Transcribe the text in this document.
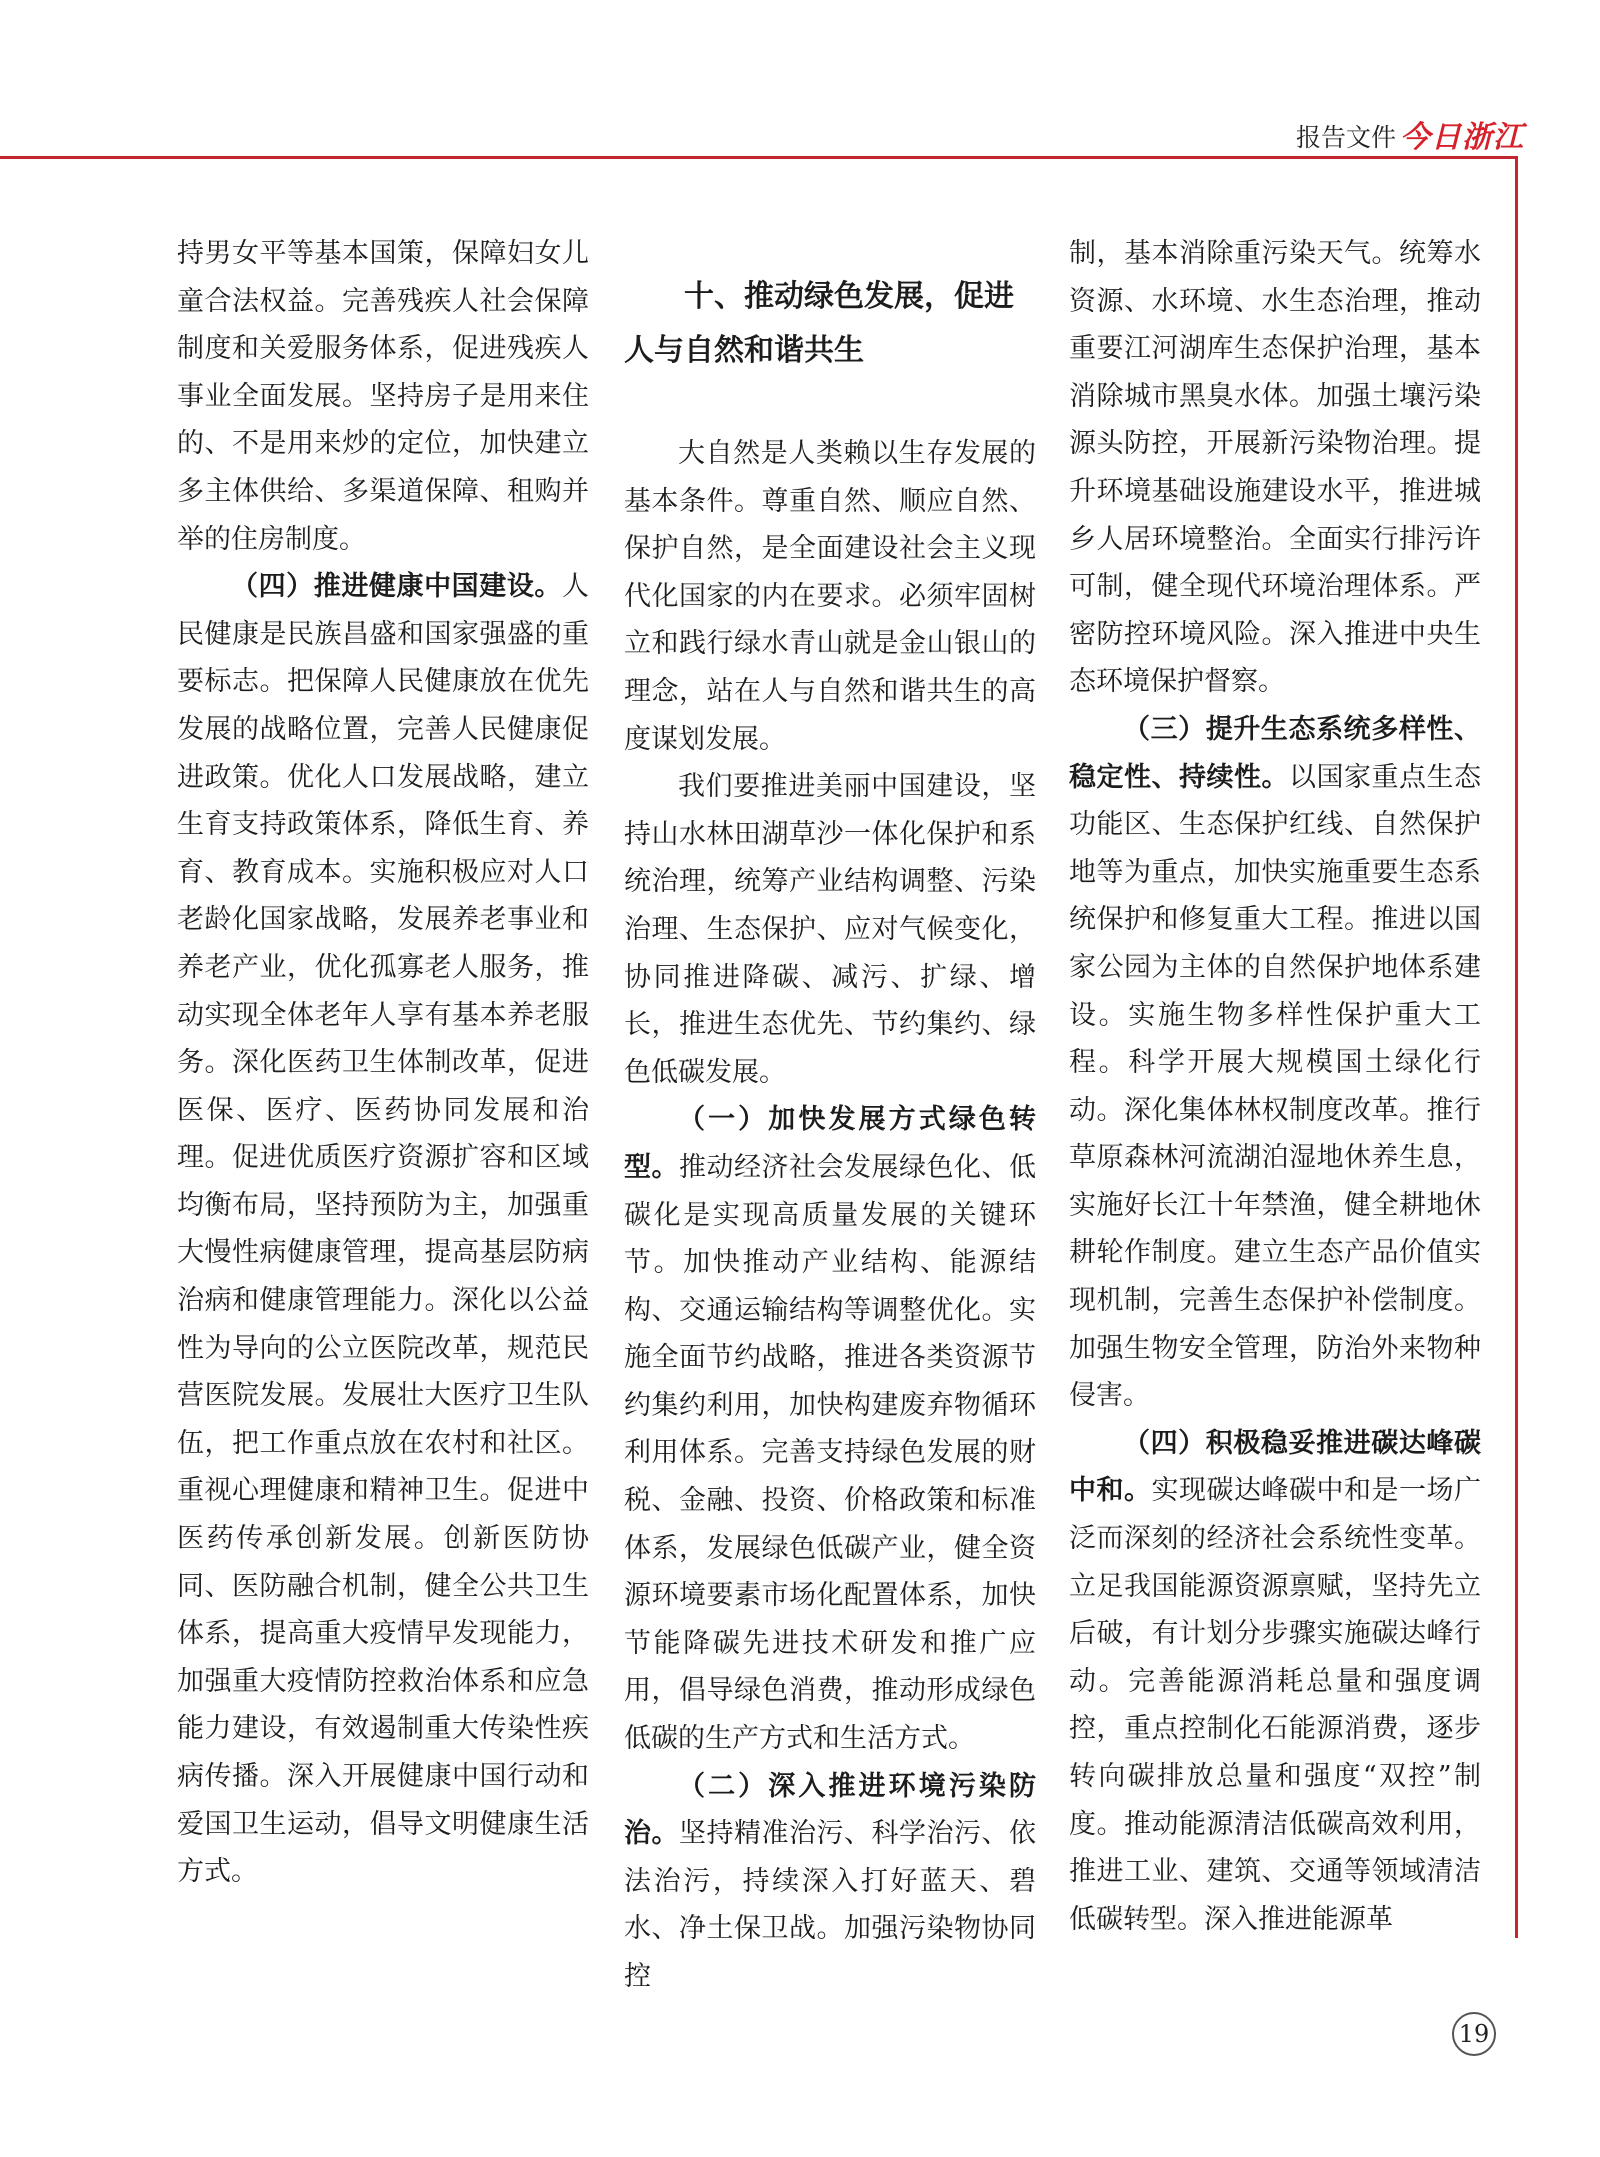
报告文件 今日浙江

持男女平等基本国策，保障妇女儿童合法权益。完善残疾人社会保障制度和关爱服务体系，促进残疾人事业全面发展。坚持房子是用来住的、不是用来炒的定位，加快建立多主体供给、多渠道保障、租购并举的住房制度。

（四）推进健康中国建设。人民健康是民族昌盛和国家强盛的重要标志。把保障人民健康放在优先发展的战略位置，完善人民健康促进政策。优化人口发展战略，建立生育支持政策体系，降低生育、养育、教育成本。实施积极应对人口老龄化国家战略，发展养老事业和养老产业，优化孤寡老人服务，推动实现全体老年人享有基本养老服务。深化医药卫生体制改革，促进医保、医疗、医药协同发展和治理。促进优质医疗资源扩容和区域均衡布局，坚持预防为主，加强重大慢性病健康管理，提高基层防病治病和健康管理能力。深化以公益性为导向的公立医院改革，规范民营医院发展。发展壮大医疗卫生队伍，把工作重点放在农村和社区。重视心理健康和精神卫生。促进中医药传承创新发展。创新医防协同、医防融合机制，健全公共卫生体系，提高重大疫情早发现能力，加强重大疫情防控救治体系和应急能力建设，有效遏制重大传染性疾病传播。深入开展健康中国行动和爱国卫生运动，倡导文明健康生活方式。

十、推动绿色发展，促进人与自然和谐共生

大自然是人类赖以生存发展的基本条件。尊重自然、顺应自然、保护自然，是全面建设社会主义现代化国家的内在要求。必须牢固树立和践行绿水青山就是金山银山的理念，站在人与自然和谐共生的高度谋划发展。

我们要推进美丽中国建设，坚持山水林田湖草沙一体化保护和系统治理，统筹产业结构调整、污染治理、生态保护、应对气候变化，协同推进降碳、减污、扩绿、增长，推进生态优先、节约集约、绿色低碳发展。

（一）加快发展方式绿色转型。推动经济社会发展绿色化、低碳化是实现高质量发展的关键环节。加快推动产业结构、能源结构、交通运输结构等调整优化。实施全面节约战略，推进各类资源节约集约利用，加快构建废弃物循环利用体系。完善支持绿色发展的财税、金融、投资、价格政策和标准体系，发展绿色低碳产业，健全资源环境要素市场化配置体系，加快节能降碳先进技术研发和推广应用，倡导绿色消费，推动形成绿色低碳的生产方式和生活方式。

（二）深入推进环境污染防治。坚持精准治污、科学治污、依法治污，持续深入打好蓝天、碧水、净土保卫战。加强污染物协同控

制，基本消除重污染天气。统筹水资源、水环境、水生态治理，推动重要江河湖库生态保护治理，基本消除城市黑臭水体。加强土壤污染源头防控，开展新污染物治理。提升环境基础设施建设水平，推进城乡人居环境整治。全面实行排污许可制，健全现代环境治理体系。严密防控环境风险。深入推进中央生态环境保护督察。

（三）提升生态系统多样性、稳定性、持续性。以国家重点生态功能区、生态保护红线、自然保护地等为重点，加快实施重要生态系统保护和修复重大工程。推进以国家公园为主体的自然保护地体系建设。实施生物多样性保护重大工程。科学开展大规模国土绿化行动。深化集体林权制度改革。推行草原森林河流湖泊湿地休养生息，实施好长江十年禁渔，健全耕地休耕轮作制度。建立生态产品价值实现机制，完善生态保护补偿制度。加强生物安全管理，防治外来物种侵害。

（四）积极稳妥推进碳达峰碳中和。实现碳达峰碳中和是一场广泛而深刻的经济社会系统性变革。立足我国能源资源禀赋，坚持先立后破，有计划分步骤实施碳达峰行动。完善能源消耗总量和强度调控，重点控制化石能源消费，逐步转向碳排放总量和强度“双控”制度。推动能源清洁低碳高效利用，推进工业、建筑、交通等领域清洁低碳转型。深入推进能源革

19
